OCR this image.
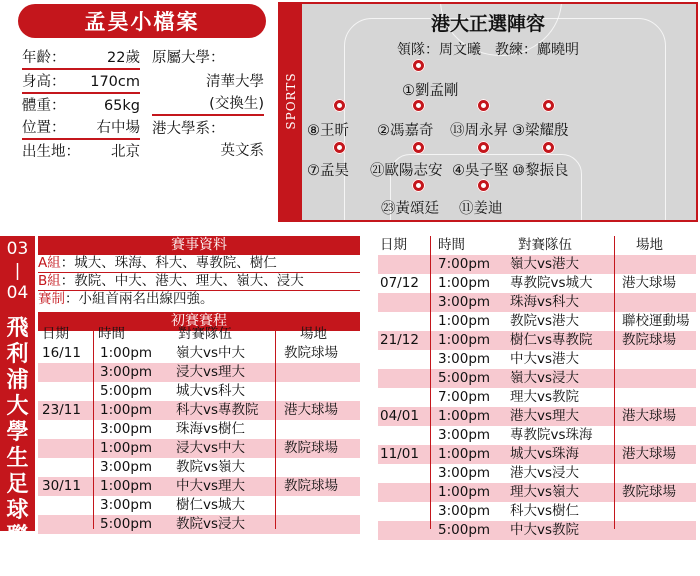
孟昊小檔案
年齡：	22歲
身高： 170cm
體重：	65kg
位置： 右中場
出生地： 北京
原屬大學：
清華大學
(交換生)
港大學系：
英文系
SPORTS
港大正選陣容
領隊：周文曦　教練：鄺曉明
①劉孟剛
⑧王昕 ②馮嘉奇 ⑬周永昇 ③梁耀殷
⑦孟昊 ㉑歐陽志安 ④吳子堅 ⑩黎振良
㉓黃頌廷 ⑪姜迪
03
|
04
飛利浦大學生足球聯賽
賽事資料
A組：城大、珠海、科大、專教院、樹仁
B組：教院、中大、港大、理大、嶺大、浸大
賽制：小組首兩名出線四強。
初賽賽程
日期 時間	對賽隊伍	場地
16/11 1:00pm 嶺大vs中大	教院球場
3:00pm 浸大vs理大
5:00pm 城大vs科大
23/11 1:00pm 科大vs專教院 港大球場
3:00pm 珠海vs樹仁
1:00pm 浸大vs中大	教院球場
3:00pm 教院vs嶺大
30/11 1:00pm 中大vs理大	教院球場
3:00pm 樹仁vs城大
5:00pm 教院vs浸大
日期 時間	對賽隊伍	場地
7:00pm 嶺大vs港大
07/12 1:00pm 專教院vs城大 港大球場
3:00pm 珠海vs科大
1:00pm 教院vs港大	聯校運動場
21/12 1:00pm 樹仁vs專教院 教院球場
3:00pm 中大vs港大
5:00pm 嶺大vs浸大
7:00pm 理大vs教院
04/01 1:00pm 港大vs理大	港大球場
3:00pm 專教院vs珠海
11/01 1:00pm 城大vs珠海	港大球場
3:00pm 港大vs浸大
1:00pm 理大vs嶺大	教院球場
3:00pm 科大vs樹仁
5:00pm 中大vs教院
